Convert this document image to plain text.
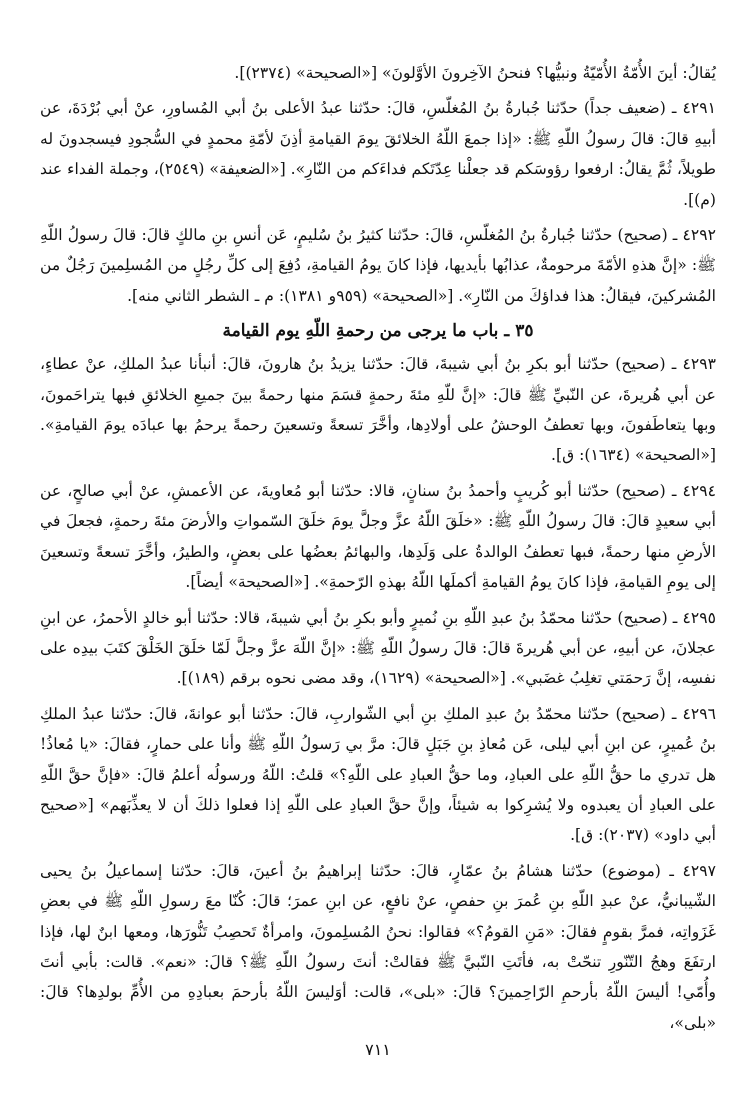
يُقالُ: أينَ الأُمّةُ الأُمّيّةُ ونبيُّها؟ فنحنُ الآخِرونَ الأوَّلونَ» [«الصحيحة» (٢٣٧٤)].

٤٢٩١ ـ (ضعيف جداً) حدّثنا جُبارةُ بنُ المُغلّسِ، قالَ: حدّثنا عبدُ الأعلى بنُ أبي المُساورِ، عنْ أبي بُرْدَةَ، عن أبيهِ قالَ: قالَ رسولُ اللّهِ ﷺ: «إذا جمعَ اللّهُ الخلائقَ يومَ القيامةِ أذِنَ لأمّةِ محمدٍ في السُّجودِ فيسجدونَ له طويلاً، ثُمَّ يقالُ: ارفعوا رؤوسَكم قد جعلْنا عِدّتَكم فداءَكم من النّارِ». [«الضعيفة» (٢٥٤٩)، وجملة الفداء عند (م)].

٤٢٩٢ ـ (صحيح) حدّثنا جُبارةُ بنُ المُغلّسِ، قالَ: حدّثنا كثيرُ بنُ سُليمٍ، عَن أنسِ بنِ مالكٍ قالَ: قالَ رسولُ اللّهِ ﷺ: «إنَّ هذهِ الأمّةَ مرحومةٌ، عذابُها بأيديها، فإذا كانَ يومُ القيامةِ، دُفِعَ إلى كلِّ رجُلٍ من المُسلِمينَ رَجُلٌ من المُشركينَ، فيقالُ: هذا فداؤكَ من النّارِ». [«الصحيحة» (٩٥٩و ١٣٨١): م ـ الشطر الثاني منه].

٣٥ ـ باب ما يرجى من رحمةِ اللّهِ يوم القيامة

٤٢٩٣ ـ (صحيح) حدّثنا أبو بكرِ بنُ أبي شيبةَ، قالَ: حدّثنا يزيدُ بنُ هارونَ، قالَ: أنبأنا عبدُ الملكِ، عنْ عطاءٍ، عن أبي هُريرةَ، عن النّبيِّ ﷺ قالَ: «إنَّ للّهِ مئةَ رحمةٍ قسَمَ منها رحمةً بينَ جميعِ الخلائقِ فبها يتراحَمونَ، وبها يتعاطَفونَ، وبها تعطفُ الوحشُ على أولادِها، وأخَّرَ تسعةً وتسعينَ رحمةً يرحمُ بها عبادَه يومَ القيامةِ». [«الصحيحة» (١٦٣٤): ق].

٤٢٩٤ ـ (صحيح) حدّثنا أبو كُريبٍ وأحمدُ بنُ سنانٍ، قالا: حدّثنا أبو مُعاويةَ، عن الأعمشِ، عنْ أبي صالحٍ، عن أبي سعيدٍ قالَ: قالَ رسولُ اللّهِ ﷺ: «خلَقَ اللّهُ عزَّ وجلَّ يومَ خلَقَ السّمواتِ والأرضَ مئةَ رحمةٍ، فجعلَ في الأرضِ منها رحمةً، فبها تعطفُ الوالدةُ على وَلَدِها، والبهائمُ بعضُها على بعضٍ، والطيرُ، وأخَّرَ تسعةً وتسعينَ إلى يومِ القيامةِ، فإذا كانَ يومُ القيامةِ أكملَها اللّهُ بهذهِ الرّحمةِ». [«الصحيحة» أيضاً].

٤٢٩٥ ـ (صحيح) حدّثنا محمّدُ بنُ عبدِ اللّهِ بنِ نُميرٍ وأبو بكرِ بنُ أبي شيبةَ، قالا: حدّثنا أبو خالدٍ الأحمرُ، عن ابنِ عجلانَ، عن أبيهِ، عن أبي هُريرةَ قالَ: قالَ رسولُ اللّهِ ﷺ: «إنَّ اللّهَ عزَّ وجلَّ لَمّا خلَقَ الخَلْقَ كتَبَ بيدِه على نفسِه، إنَّ رَحمَتي تغلِبُ غضَبي». [«الصحيحة» (١٦٢٩)، وقد مضى نحوه برقم (١٨٩)].

٤٢٩٦ ـ (صحيح) حدّثنا محمّدُ بنُ عبدِ الملكِ بنِ أبي الشّواربِ، قالَ: حدّثنا أبو عوانةَ، قالَ: حدّثنا عبدُ الملكِ بنُ عُميرٍ، عن ابنِ أبي ليلى، عَن مُعاذِ بنِ جَبَلٍ قالَ: مرَّ بي رَسولُ اللّهِ ﷺ وأنا على حمارٍ، فقالَ: «يا مُعاذُ! هل تدري ما حقُّ اللّهِ على العبادِ، وما حقُّ العبادِ على اللّهِ؟» قلتُ: اللّهُ ورسولُه أعلمُ قالَ: «فإنَّ حقَّ اللّهِ على العبادِ أن يعبدوه ولا يُشرِكوا به شيئاً، وإنَّ حقَّ العبادِ على اللّهِ إذا فعلوا ذلكَ أن لا يعذِّبَهم» [«صحيح أبي داود» (٢٠٣٧): ق].

٤٢٩٧ ـ (موضوع) حدّثنا هشامُ بنُ عمّارٍ، قالَ: حدّثنا إبراهيمُ بنُ أعينَ، قالَ: حدّثنا إسماعيلُ بنُ يحيى الشّيبانيُّ، عنْ عبدِ اللّهِ بنِ عُمرَ بنِ حفصٍ، عنْ نافعٍ، عن ابنِ عمرَ؛ قالَ: كُنّا معَ رسولِ اللّهِ ﷺ في بعضِ غَزَواتِه، فمرَّ بقومٍ فقالَ: «مَنِ القومُ؟» فقالوا: نحنُ المُسلِمونَ، وامرأةٌ تَحصِبُ تَنُّورَها، ومعها ابنٌ لها، فإذا ارتفَعَ وهجُ التّنّورِ تنحّتْ به، فأتَتِ النّبيَّ ﷺ فقالتْ: أنتَ رسولُ اللّهِ ﷺ؟ قالَ: «نعم». قالت: بأبي أنتَ وأُمّي! أليسَ اللّهُ بأرحمِ الرّاحِمينَ؟ قالَ: «بلى»، قالت: أوَليسَ اللّهُ بأرحمَ بعبادِهِ من الأُمِّ بولدِها؟ قالَ: «بلى»،

٧١١
